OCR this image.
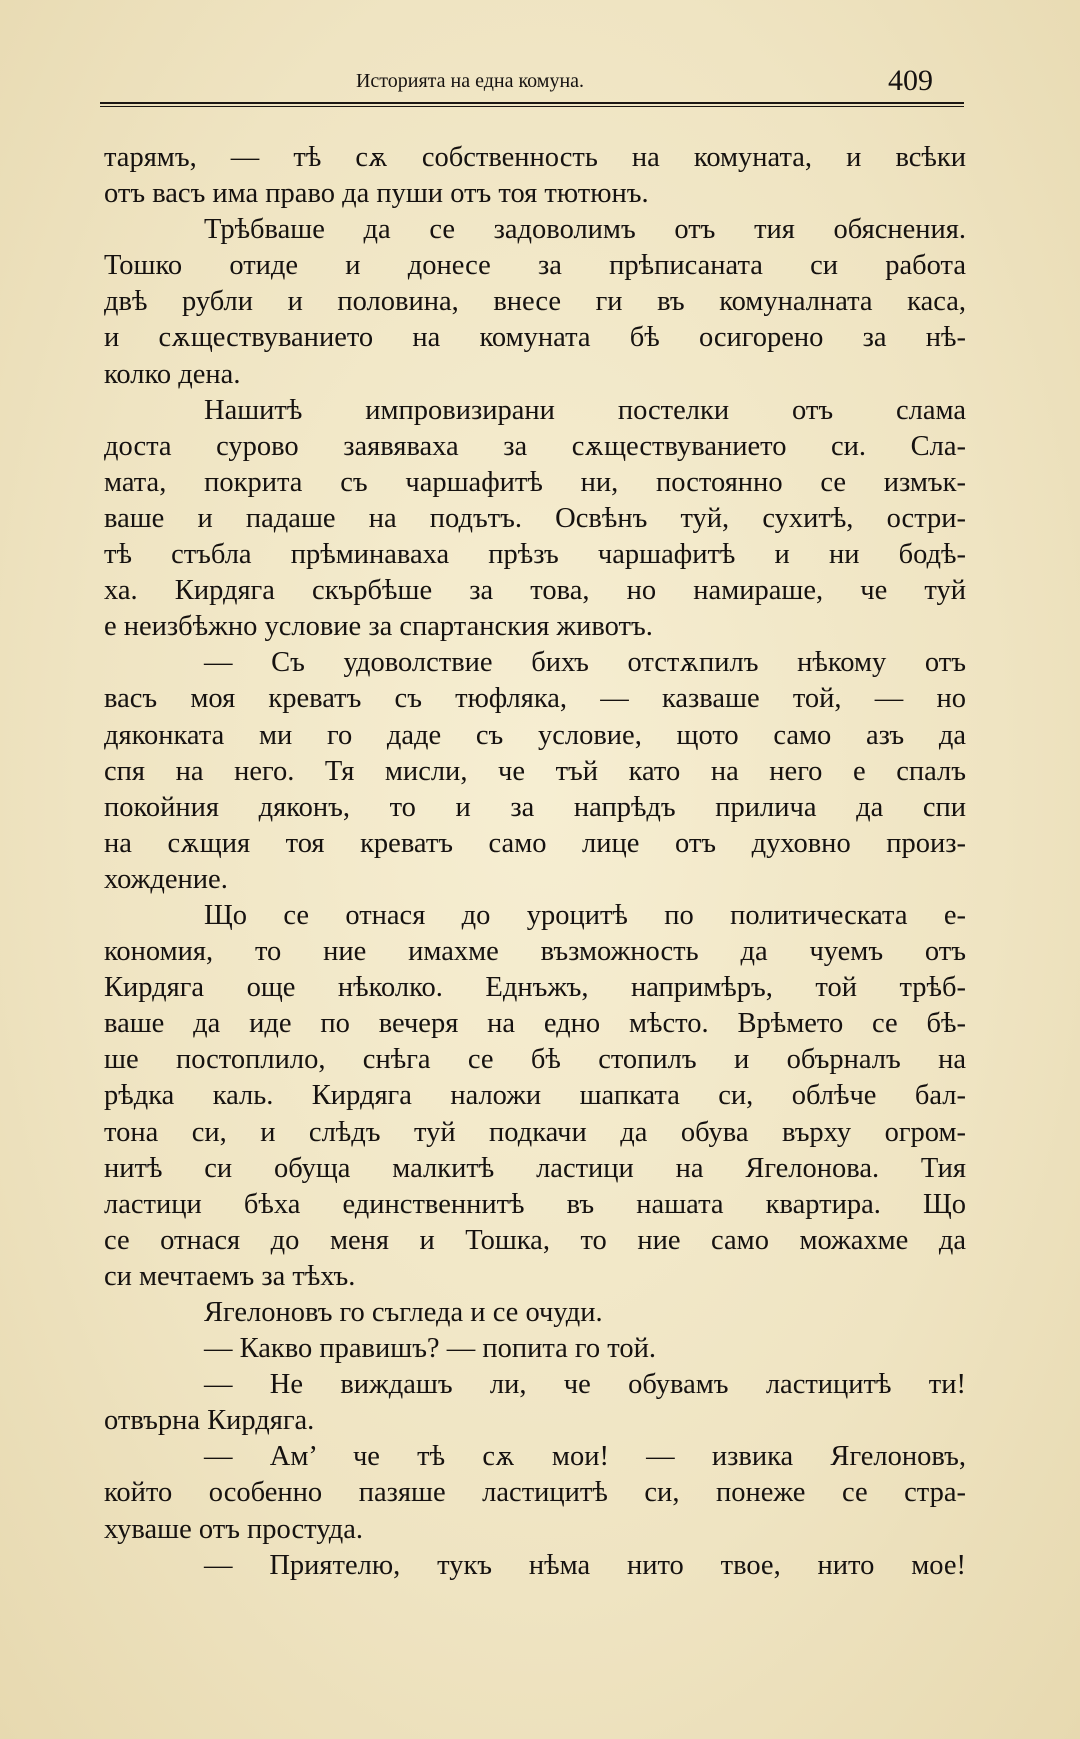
Историята на една комуна.	409
тарямъ, — тѣ сѫ собственность на комуната, и всѣки
отъ васъ има право да пуши отъ тоя тютюнъ.
Трѣбваше да се задоволимъ отъ тия обяснения.
Тошко отиде и донесе за прѣписаната си работа
двѣ рубли и половина, внесе ги въ комуналната каса,
и сѫществуванието на комуната бѣ осигорено за нѣ-
колко дена.
Нашитѣ импровизирани постелки отъ слама
доста сурово заявяваха за сѫществуванието си. Сла-
мата, покрита съ чаршафитѣ ни, постоянно се измък-
ваше и падаше на подътъ. Освѣнъ туй, сухитѣ, остри-
тѣ стъбла прѣминаваха прѣзъ чаршафитѣ и ни бодѣ-
ха. Кирдяга скърбѣше за това, но намираше, че туй
е неизбѣжно условие за спартанския животъ.
— Съ удоволствие бихъ отстѫпилъ нѣкому отъ
васъ моя креватъ съ тюфляка, — казваше той, — но
дяконката ми го даде съ условие, щото само азъ да
спя на него. Тя мисли, че тъй като на него е спалъ
покойния дяконъ, то и за напрѣдъ прилича да спи
на сѫщия тоя креватъ само лице отъ духовно произ-
хождение.
Що се отнася до уроцитѣ по политическата е-
кономия, то ние имахме възможность да чуемъ отъ
Кирдяга още нѣколко. Еднъжъ, напримѣръ, той трѣб-
ваше да иде по вечеря на едно мѣсто. Врѣмето се бѣ-
ше постоплило, снѣга се бѣ стопилъ и обърналъ на
рѣдка каль. Кирдяга наложи шапката си, облѣче бал-
тона си, и слѣдъ туй подкачи да обува върху огром-
нитѣ си обуща малкитѣ ластици на Ягелонова. Тия
ластици бѣха единственнитѣ въ нашата квартира. Що
се отнася до меня и Тошка, то ние само можахме да
си мечтаемъ за тѣхъ.
Ягелоновъ го съгледа и се очуди.
— Какво правишъ? — попита го той.
— Не виждашъ ли, че обувамъ ластицитѣ ти!
отвърна Кирдяга.
— Ам’ че тѣ сѫ мои! — извика Ягелоновъ,
който особенно пазяше ластицитѣ си, понеже се стра-
хуваше отъ простуда.
— Приятелю, тукъ нѣма нито твое, нито мое!
